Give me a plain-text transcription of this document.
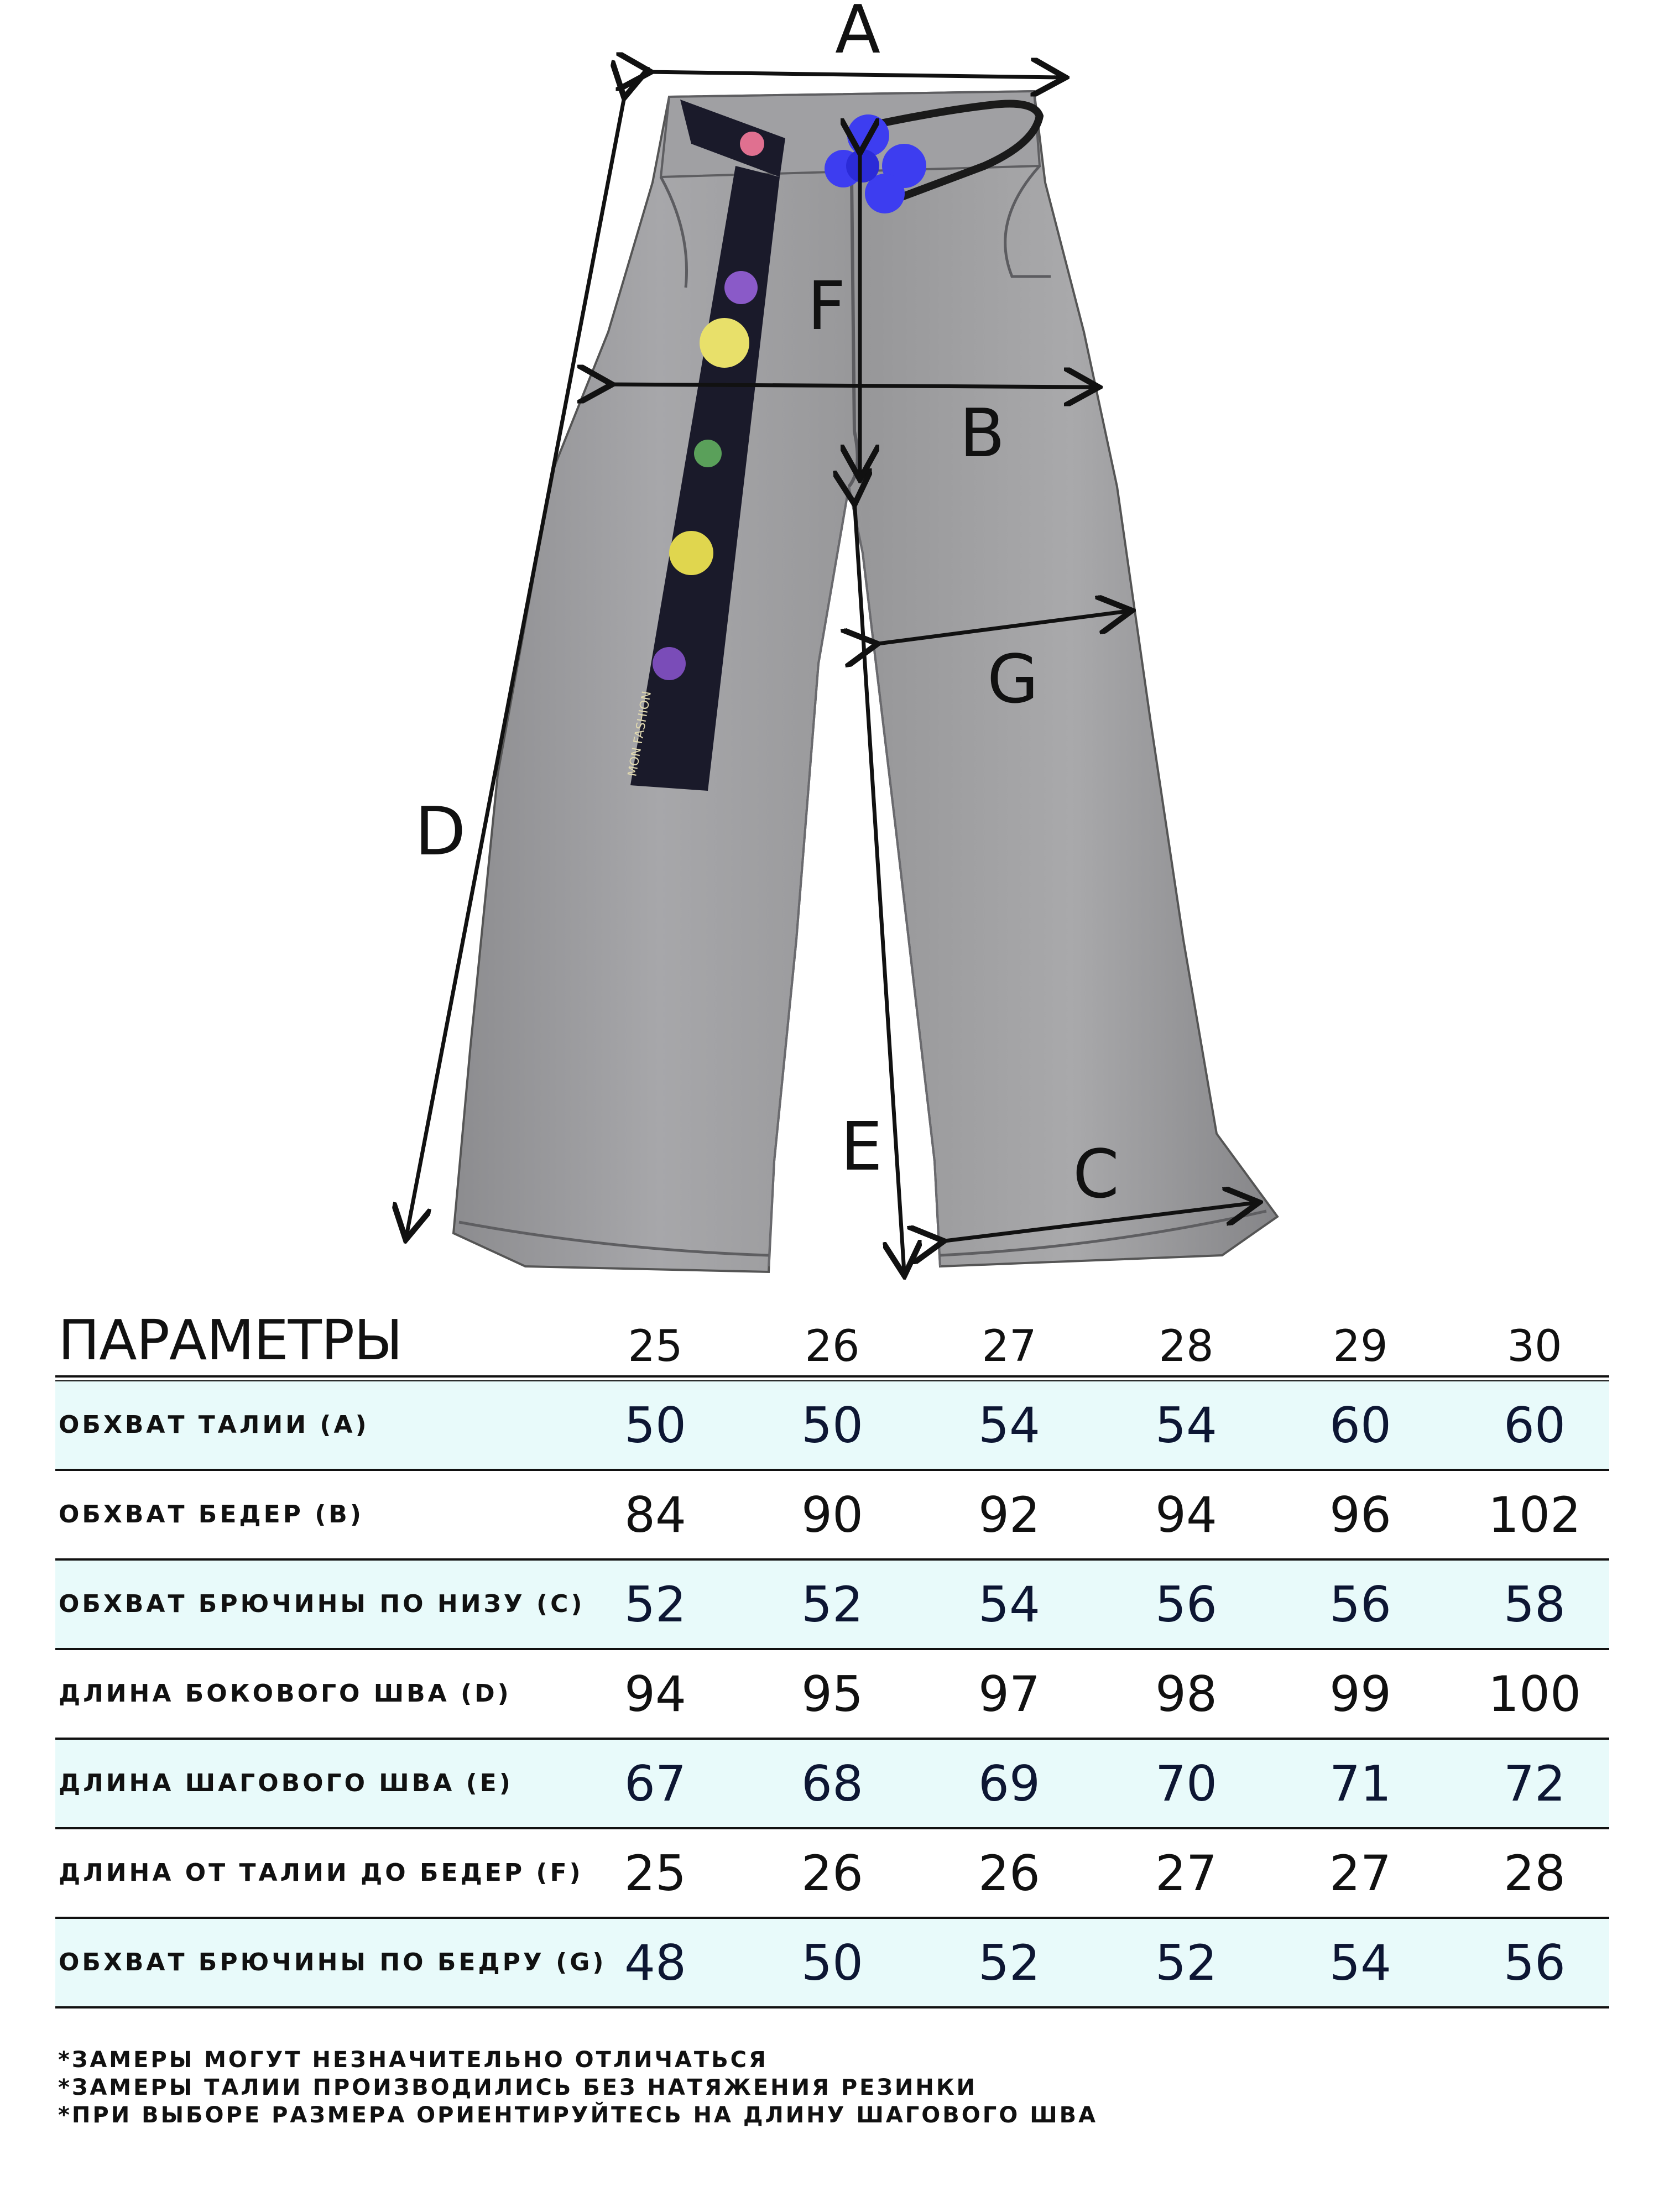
MON FASHION
A
B
C
D
E
F
G
ПАРАМЕТРЫ	25	26	27	28	29	30
ОБХВАТ ТАЛИИ (A)	50	50	54	54	60	60
ОБХВАТ БЕДЕР (B)	84	90	92	94	96	102
ОБХВАТ БРЮЧИНЫ ПО НИЗУ (C) 52	52	54	56	56	58
ДЛИНА БОКОВОГО ШВА (D)	94	95	97	98	99	100
ДЛИНА ШАГОВОГО ШВА (E)	67	68	69	70	71	72
ДЛИНА ОТ ТАЛИИ ДО БЕДЕР (F) 25	26	26	27	27	28
ОБХВАТ БРЮЧИНЫ ПО БЕДРУ (G) 48	50	52	52	54	56
*ЗАМЕРЫ МОГУТ НЕЗНАЧИТЕЛЬНО ОТЛИЧАТЬСЯ
*ЗАМЕРЫ ТАЛИИ ПРОИЗВОДИЛИСЬ БЕЗ НАТЯЖЕНИЯ РЕЗИНКИ
*ПРИ ВЫБОРЕ РАЗМЕРА ОРИЕНТИРУЙТЕСЬ НА ДЛИНУ ШАГОВОГО ШВА
